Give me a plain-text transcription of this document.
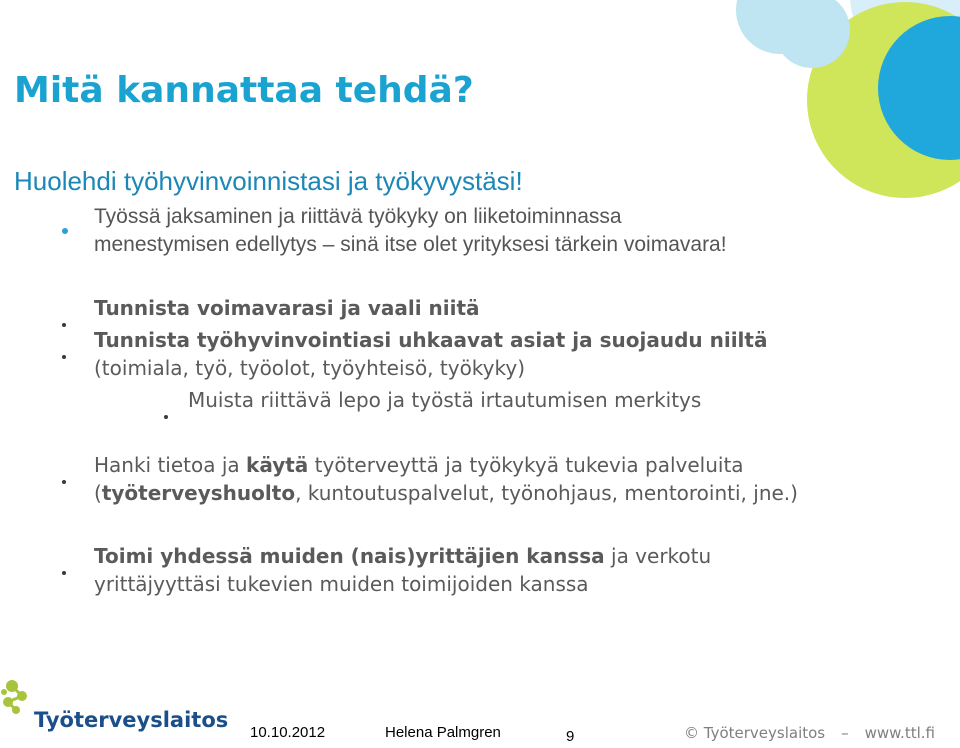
Mitä kannattaa tehdä?
Huolehdi työhyvinvoinnistasi ja työkyvystäsi!
Työssä jaksaminen ja riittävä työkyky on liiketoiminnassa
menestymisen edellytys – sinä itse olet yrityksesi tärkein voimavara!
Tunnista voimavarasi ja vaali niitä
Tunnista työhyvinvointiasi uhkaavat asiat ja suojaudu niiltä
(toimiala, työ, työolot, työyhteisö, työkyky)
Muista riittävä lepo ja työstä irtautumisen merkitys
Hanki tietoa ja käytä työterveyttä ja työkykyä tukevia palveluita
(työterveyshuolto, kuntoutuspalvelut, työnohjaus, mentorointi, jne.)
Toimi yhdessä muiden (nais)yrittäjien kanssa ja verkotu
yrittäjyyttäsi tukevien muiden toimijoiden kanssa
Työterveyslaitos
10.10.2012	Helena Palmgren	9	© Työterveyslaitos – www.ttl.fi
